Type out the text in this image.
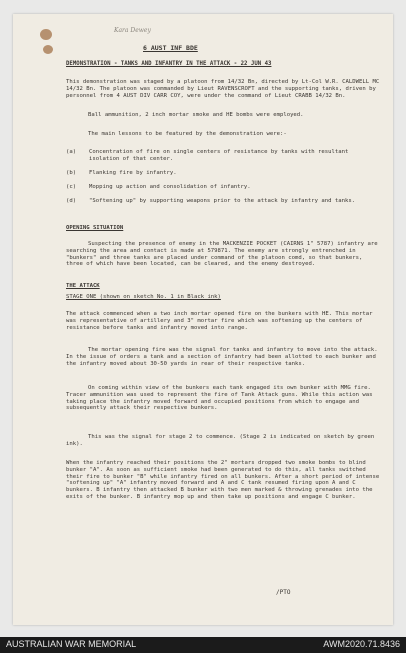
Kara Dewey
6 AUST INF BDE
DEMONSTRATION - TANKS AND INFANTRY IN THE ATTACK - 22 JUN 43
This demonstration was staged by a platoon from 14/32 Bn, directed by Lt-Col W.R. CALDWELL MC 14/32 Bn. The platoon was commanded by Lieut RAVENSCROFT and the supporting tanks, driven by personnel from 4 AUST DIV CARR COY, were under the command of Lieut CRABB 14/32 Bn.
Ball ammunition, 2 inch mortar smoke and HE bombs were employed.
The main lessons to be featured by the demonstration were:-
(a)	Concentration of fire on single centers of resistance by tanks with resultant isolation of that center.
(b)	Flanking fire by infantry.
(c)	Mopping up action and consolidation of infantry.
(d)	"Softening up" by supporting weapons prior to the attack by infantry and tanks.
OPENING SITUATION
Suspecting the presence of enemy in the MACKENZIE POCKET (CAIRNS 1" 5787) infantry are searching the area and contact is made at 579871. The enemy are strongly entrenched in "bunkers" and three tanks are placed under command of the platoon comd, so that bunkers, three of which have been located, can be cleared, and the enemy destroyed.
THE ATTACK
STAGE ONE (shown on sketch No. 1 in Black ink)
The attack commenced when a two inch mortar opened fire on the bunkers with HE. This mortar was representative of artillery and 3" mortar fire which was softening up the centers of resistance before tanks and infantry moved into range.
The mortar opening fire was the signal for tanks and infantry to move into the attack. In the issue of orders a tank and a section of infantry had been allotted to each bunker and the infantry moved about 30-50 yards in rear of their respective tanks.
On coming within view of the bunkers each tank engaged its own bunker with MMG fire. Tracer ammunition was used to represent the fire of Tank Attack guns. While this action was taking place the infantry moved forward and occupied positions from which to engage and subsequently attack their respective bunkers.
This was the signal for stage 2 to commence. (Stage 2 is indicated on sketch by green ink).
When the infantry reached their positions the 2" mortars dropped two smoke bombs to blind bunker "A". As soon as sufficient smoke had been generated to do this, all tanks switched their fire to bunker "B" while infantry fired on all bunkers. After a short period of intense "softening up" "A" infantry moved forward and A and C tank resumed firing upon A and C bunkers. B infantry then attacked B bunker with two men marked & throwing grenades into the exits of the bunker. B infantry mop up and then take up positions and engage C bunker.
/PTO
AUSTRALIAN WAR MEMORIAL	AWM2020.71.8436
